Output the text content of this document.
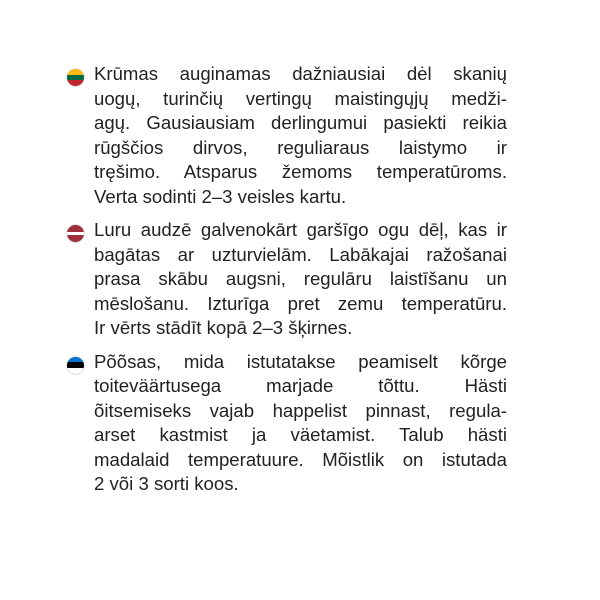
Krūmas auginamas dažniausiai dėl skanių
uogų, turinčių vertingų maistingųjų medži-
agų. Gausiausiam derlingumui pasiekti reikia
rūgščios dirvos, reguliaraus laistymo ir
tręšimo. Atsparus žemoms temperatūroms.
Verta sodinti 2–3 veisles kartu.

Luru audzē galvenokārt garšīgo ogu dēļ, kas ir
bagātas ar uzturvielām. Labākajai ražošanai
prasa skābu augsni, regulāru laistīšanu un
mēslošanu. Izturīga pret zemu temperatūru.
Ir vērts stādīt kopā 2–3 šķirnes.

Põõsas, mida istutatakse peamiselt kõrge
toiteväärtusega marjade tõttu. Hästi
õitsemiseks vajab happelist pinnast, regula-
arset kastmist ja väetamist. Talub hästi
madalaid temperatuure. Mõistlik on istutada
2 või 3 sorti koos.
